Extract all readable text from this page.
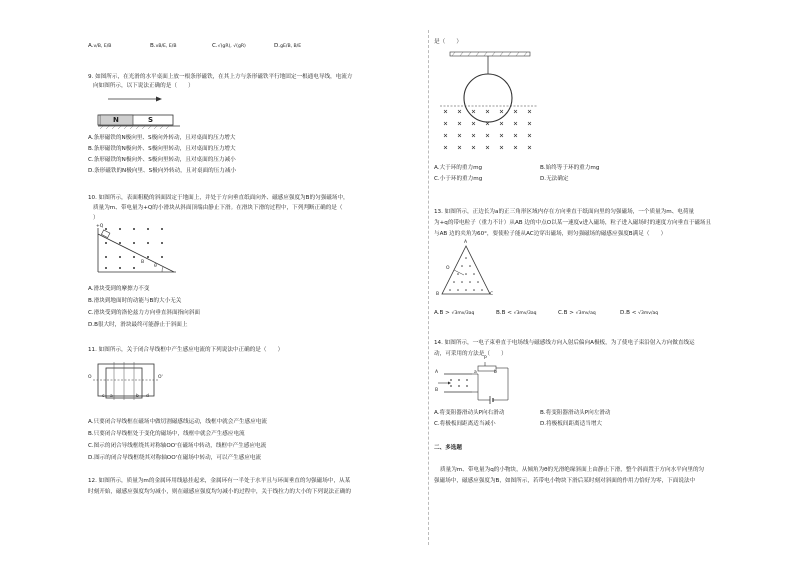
A.v/B, E/B	B.vB/E, E/B	C.√(gR), √(gR)	D.gE/B, B/E
9. 如图所示，在光滑的水平桌面上放一根条形磁铁，在其上方与条形磁铁平行地固定一根通电导线，电流方
向如图所示，以下说法正确的是（　　）
N	S
A.条形磁铁的N极向里、S极向外转动，且对桌面的压力增大
B.条形磁铁的N极向外、S极向里转动，且对桌面的压力增大
C.条形磁铁的N极向外、S极向里转动，且对桌面的压力减小
D.条形磁铁的N极向里、S极向外转动，且对桌面的压力减小
10. 如图所示，表面粗糙的斜面固定于地面上，并处于方向垂直纸面向外、磁感应强度为B的匀强磁场中，
质量为m、带电量为+Q的小滑块从斜面顶端由静止下滑。在滑块下滑的过程中，下列判断正确的是（
）
+Q
B
θ
A.滑块受到的摩擦力不变
B.滑块到地面时的动能与B的大小无关
C.滑块受到的洛伦兹力方向垂直斜面指向斜面
D.B很大时，滑块最终可能静止于斜面上
11. 如图所示，关于闭合导线框中产生感应电流的下列说法中正确的是（　　）
O	O'
a	b
c	d
A.只要闭合导线框在磁场中做切割磁感线运动，线框中就会产生感应电流
B.只要闭合导线框处于变化的磁场中，线框中就会产生感应电流
C.图示的闭合导线框绕其对称轴OO'在磁场中转动，线框中产生感应电流
D.图示的闭合导线框绕其对称轴OO'在磁场中转动，可以产生感应电流
12. 如图所示，质量为m的金属环用线悬挂起来，金属环有一半处于水平且与环面垂直的匀强磁场中，从某
时刻开始，磁感应强度均匀减小，则在磁感应强度均匀减小的过程中，关于线拉力的大小的下列说法正确的
是（　　）
A.大于环的重力mg	B.始终等于环的重力mg
C.小于环的重力mg	D.无法确定
13. 如图所示，正边长为a的正三角形区域内存在方向垂直于纸面向里的匀强磁场，一个质量为m、电荷量
为+q的带电粒子（重力不计）从AB 边的中点O以某一速度v进入磁场，粒子进入磁场时的速度方向垂直于磁场且
与AB 边的夹角为60°，要使粒子能从AC边穿出磁场，则匀强磁场的磁感应强度B满足（　　）
A
B	C
O
A.B > √3mv/3aq	B.B < √3mv/3aq	C.B > √3mv/aq	D.B < √3mv/aq
14. 如图所示，一电子束垂直于电场线与磁感线方向入射后偏向A极板，为了使电子束沿射入方向做直线运
动，可采用的方法是（　　）
A
B
P
a	b
A.将变阻器滑动头P向右滑动	B.将变阻器滑动头P向左滑动
C.将极板间距离适当减小	D.将极板间距离适当增大
二、多选题
质量为m、带电量为q的小物块，从倾角为θ的光滑绝缘斜面上由静止下滑，整个斜面置于方向水平向里的匀
强磁场中，磁感应强度为B，如图所示，若带电小物块下滑后某时刻对斜面的作用力恰好为零，下面说法中
